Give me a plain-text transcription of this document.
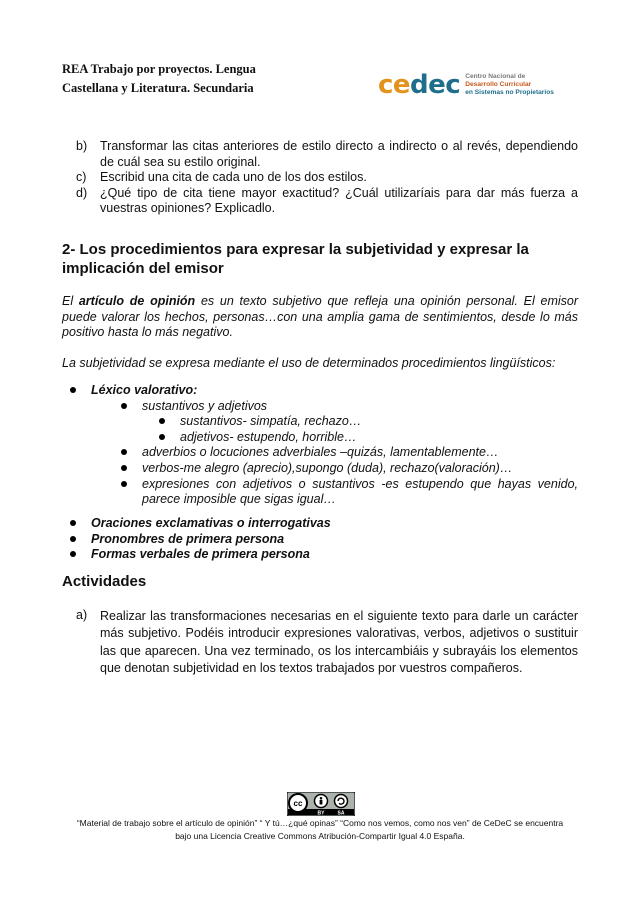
REA Trabajo por proyectos. Lengua
Castellana y Literatura. Secundaria	cedec Centro Nacional de
Desarrollo Curricular
en Sistemas no Propietarios
b)	Transformar las citas anteriores de estilo directo a indirecto o al revés, dependiendo de cuál sea su estilo original.
c)	Escribid una cita de cada uno de los dos estilos.
d)	¿Qué tipo de cita tiene mayor exactitud? ¿Cuál utilizaríais para dar más fuerza a vuestras opiniones? Explicadlo.
2- Los procedimientos para expresar la subjetividad y expresar la implicación del emisor
El artículo de opinión es un texto subjetivo que refleja una opinión personal. El emisor puede valorar los hechos, personas…con una amplia gama de sentimientos, desde lo más positivo hasta lo más negativo.
La subjetividad se expresa mediante el uso de determinados procedimientos lingüísticos:
Léxico valorativo:
sustantivos y adjetivos
sustantivos- simpatía, rechazo…
adjetivos- estupendo, horrible…
adverbios o locuciones adverbiales –quizás, lamentablemente…
verbos-me alegro (aprecio),supongo (duda), rechazo(valoración)…
expresiones con adjetivos o sustantivos -es estupendo que hayas venido, parece imposible que sigas igual…
Oraciones exclamativas o interrogativas
Pronombres de primera persona
Formas verbales de primera persona
Actividades
a)	Realizar las transformaciones necesarias en el siguiente texto para darle un carácter más subjetivo. Podéis introducir expresiones valorativas, verbos, adjetivos o sustituir las que aparecen. Una vez terminado, os los intercambiáis y subrayáis los elementos que denotan subjetividad en los textos trabajados por vuestros compañeros.
cc
BY	SA
“Material de trabajo sobre el artículo de opinión” “ Y tú…¿qué opinas” “Como nos vemos, como nos ven” de CeDeC se encuentra
bajo una Licencia Creative Commons Atribución-Compartir Igual 4.0 España.
